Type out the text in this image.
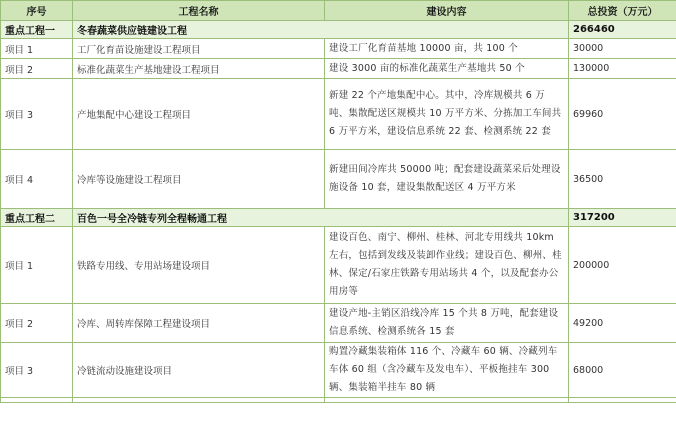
序号	工程名称	建设内容	总投资（万元）
重点工程一	冬春蔬菜供应链建设工程		266460
项目 1	工厂化育苗设施建设工程项目	建设工厂化育苗基地 10000 亩，共 100 个	30000
项目 2	标准化蔬菜生产基地建设工程项目	建设 3000 亩的标准化蔬菜生产基地共 50 个	130000
项目 3	产地集配中心建设工程项目	新建 22 个产地集配中心。其中，冷库规模共 6 万吨、集散配送区规模共 10 万平方米、分拣加工车间共 6 万平方米，建设信息系统 22 套、检测系统 22 套	69960
项目 4	冷库等设施建设工程项目	新建田间冷库共 50000 吨；配套建设蔬菜采后处理设施设备 10 套，建设集散配送区 4 万平方米	36500
重点工程二	百色一号全冷链专列全程畅通工程		317200
项目 1	铁路专用线、专用站场建设项目	建设百色、南宁、柳州、桂林、河北专用线共 10km 左右，包括到发线及装卸作业线；建设百色、柳州、桂林、保定/石家庄铁路专用站场共 4 个，以及配套办公用房等	200000
项目 2	冷库、周转库保障工程建设项目	建设产地-主销区沿线冷库 15 个共 8 万吨，配套建设信息系统、检测系统各 15 套	49200
项目 3	冷链流动设施建设项目	购置冷藏集装箱体 116 个、冷藏车 60 辆、冷藏列车车体 60 组（含冷藏车及发电车）、平板拖挂车 300 辆、集装箱半挂车 80 辆	68000
